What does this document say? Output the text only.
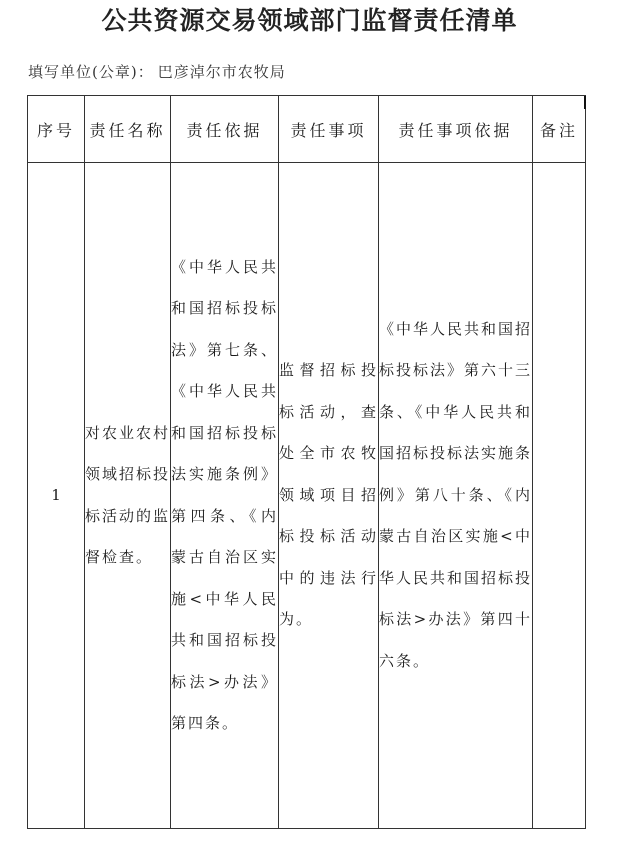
公共资源交易领域部门监督责任清单
填写单位(公章)： 巴彦淖尔市农牧局
序号	责任名称	责任依据	责任事项	责任事项依据	备注
1	对农业农村领域招标投标活动的监督检查。	《中华人民共和国招标投标法》第七条、《中华人民共和国招标投标法实施条例》第四条、《内蒙古自治区实施<中华人民共和国招标投标法>办法》第四条。	监督招标投标活动，查处全市农牧领域项目招标投标活动中的违法行为。	《中华人民共和国招标投标法》第六十三条、《中华人民共和国招标投标法实施条例》第八十条、《内蒙古自治区实施<中华人民共和国招标投标法>办法》第四十六条。	
